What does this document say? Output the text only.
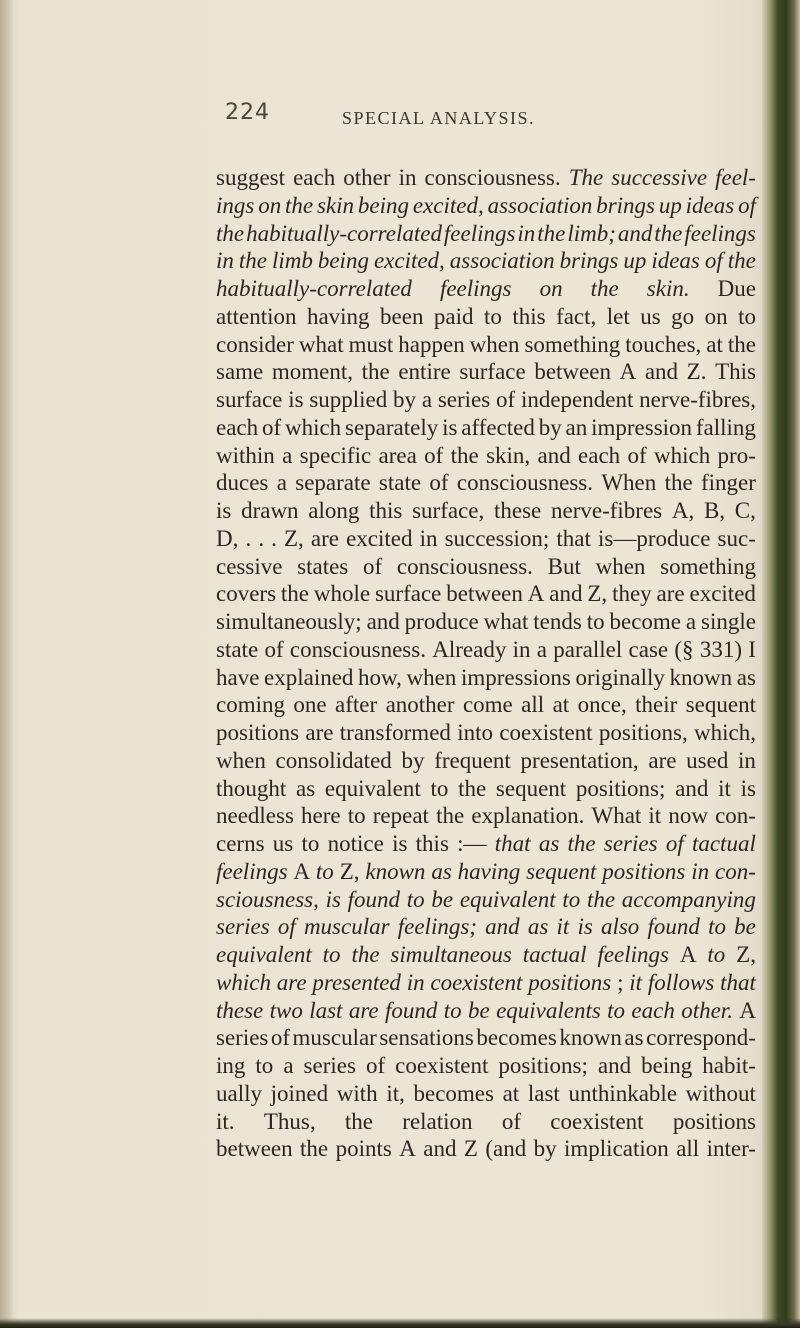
224	SPECIAL ANALYSIS.
suggest each other in consciousness. The successive feel-
ings on the skin being excited, association brings up ideas of
the habitually-correlated feelings in the limb; and the feelings
in the limb being excited, association brings up ideas of the
habitually-correlated feelings on the skin. Due
attention having been paid to this fact, let us go on to
consider what must happen when something touches, at the
same moment, the entire surface between A and Z. This
surface is supplied by a series of independent nerve-fibres,
each of which separately is affected by an impression falling
within a specific area of the skin, and each of which pro-
duces a separate state of consciousness. When the finger
is drawn along this surface, these nerve-fibres A, B, C,
D, . . . Z, are excited in succession; that is—produce suc-
cessive states of consciousness. But when something
covers the whole surface between A and Z, they are excited
simultaneously; and produce what tends to become a single
state of consciousness. Already in a parallel case (§ 331) I
have explained how, when impressions originally known as
coming one after another come all at once, their sequent
positions are transformed into coexistent positions, which,
when consolidated by frequent presentation, are used in
thought as equivalent to the sequent positions; and it is
needless here to repeat the explanation. What it now con-
cerns us to notice is this :— that as the series of tactual
feelings A to Z, known as having sequent positions in con-
sciousness, is found to be equivalent to the accompanying
series of muscular feelings; and as it is also found to be
equivalent to the simultaneous tactual feelings A to Z,
which are presented in coexistent positions ; it follows that
these two last are found to be equivalents to each other. A
series of muscular sensations becomes known as correspond-
ing to a series of coexistent positions; and being habit-
ually joined with it, becomes at last unthinkable without
it. Thus, the relation of coexistent positions
between the points A and Z (and by implication all inter-
